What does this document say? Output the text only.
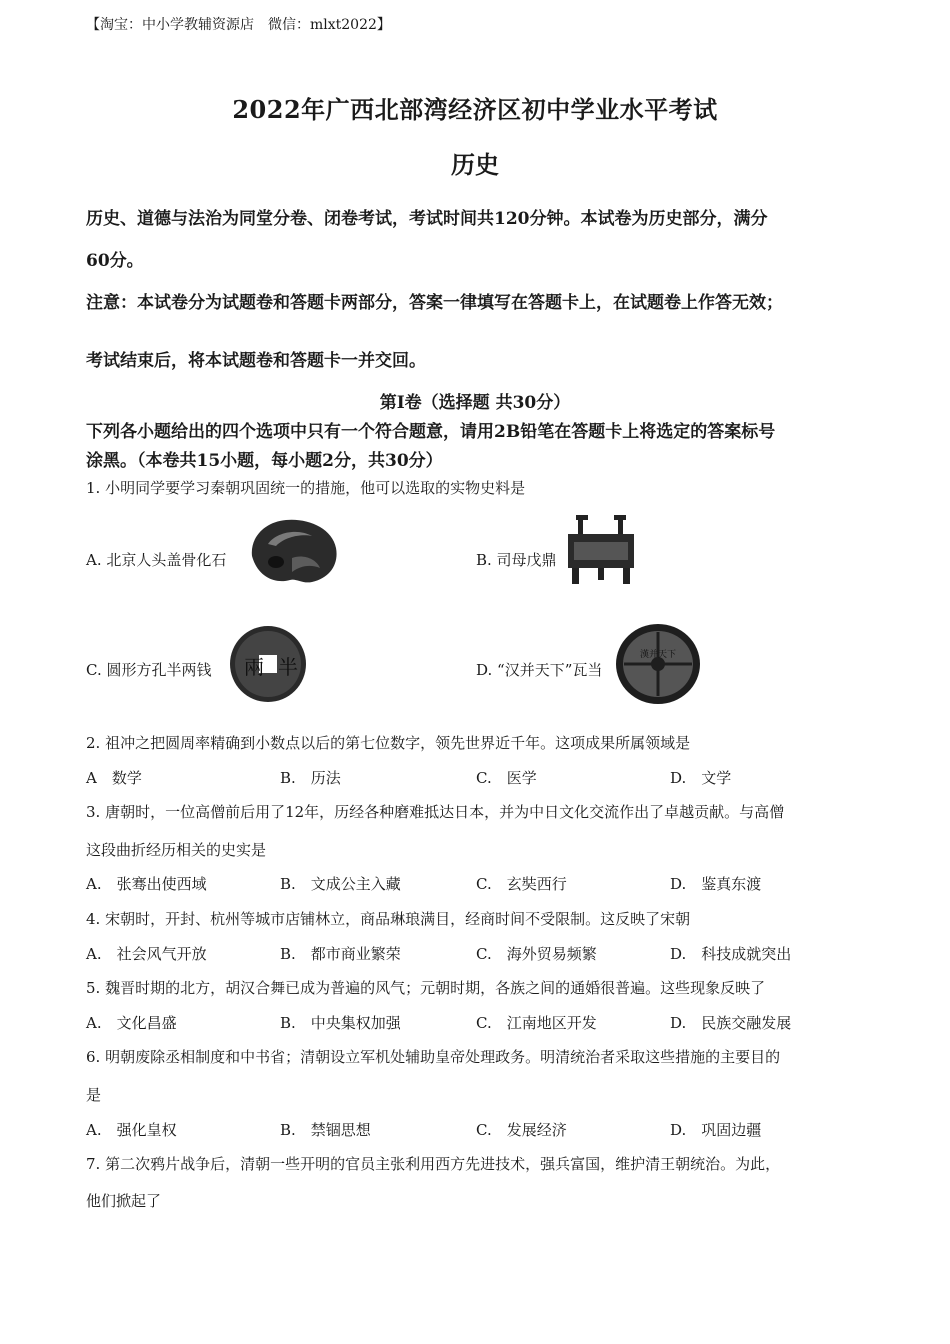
【淘宝：中小学教辅资源店　微信：mlxt2022】
2022年广西北部湾经济区初中学业水平考试
历史
历史、道德与法治为同堂分卷、闭卷考试，考试时间共120分钟。本试卷为历史部分，满分
60分。
注意：本试卷分为试题卷和答题卡两部分，答案一律填写在答题卡上，在试题卷上作答无效；
考试结束后，将本试题卷和答题卡一并交回。
第Ⅰ卷（选择题 共30分）
下列各小题给出的四个选项中只有一个符合题意，请用2B铅笔在答题卡上将选定的答案标号
涂黑。（本卷共15小题，每小题2分，共30分）
1. 小明同学要学习秦朝巩固统一的措施，他可以选取的实物史料是
A. 北京人头盖骨化石	B. 司母戊鼎
C. 圆形方孔半两钱 兩 半	D. “汉并天下”瓦当
漢并天下
2. 祖冲之把圆周率精确到小数点以后的第七位数字，领先世界近千年。这项成果所属领域是
A　数学	B.　历法	C.　医学	D.　文学
3. 唐朝时，一位高僧前后用了12年，历经各种磨难抵达日本，并为中日文化交流作出了卓越贡献。与高僧
这段曲折经历相关的史实是
A.　张骞出使西域	B.　文成公主入藏	C.　玄奘西行	D.　鉴真东渡
4. 宋朝时，开封、杭州等城市店铺林立，商品琳琅满目，经商时间不受限制。这反映了宋朝
A.　社会风气开放	B.　都市商业繁荣	C.　海外贸易频繁	D.　科技成就突出
5. 魏晋时期的北方，胡汉合舞已成为普遍的风气；元朝时期，各族之间的通婚很普遍。这些现象反映了
A.　文化昌盛	B.　中央集权加强	C.　江南地区开发	D.　民族交融发展
6. 明朝废除丞相制度和中书省；清朝设立军机处辅助皇帝处理政务。明清统治者采取这些措施的主要目的
是
A.　强化皇权	B.　禁锢思想	C.　发展经济	D.　巩固边疆
7. 第二次鸦片战争后，清朝一些开明的官员主张利用西方先进技术，强兵富国，维护清王朝统治。为此，
他们掀起了
